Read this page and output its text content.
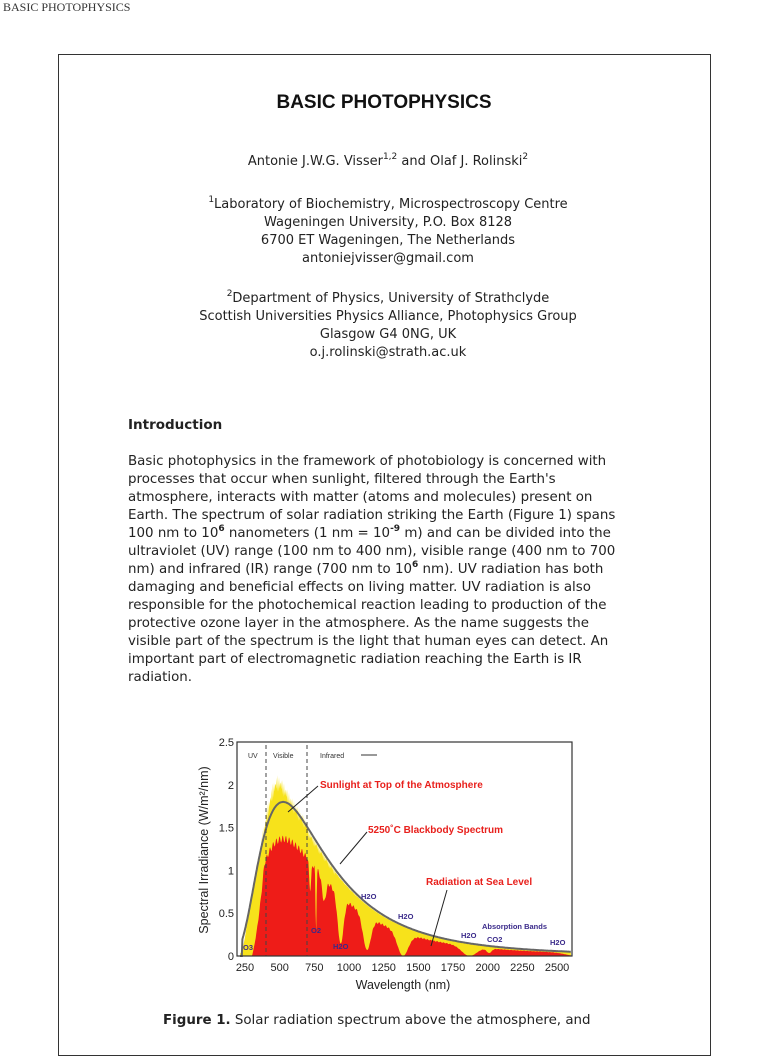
BASIC PHOTOPHYSICS
BASIC PHOTOPHYSICS
Antonie J.W.G. Visser$^{1,2}$ and Olaf J. Rolinski$^2$
$^1$Laboratory of Biochemistry, Microspectroscopy Centre
Wageningen University, P.O. Box 8128
6700 ET Wageningen, The Netherlands
antoniejvisser@gmail.com
$^2$Department of Physics, University of Strathclyde
Scottish Universities Physics Alliance, Photophysics Group
Glasgow G4 0NG, UK
o.j.rolinski@strath.ac.uk
Introduction
Basic photophysics in the framework of photobiology is concerned with
processes that occur when sunlight, filtered through the Earth's
atmosphere, interacts with matter (atoms and molecules) present on
Earth. The spectrum of solar radiation striking the Earth (Figure 1) spans
100 nm to $10^6$ nanometers (1 nm = $10^{-9}$ m) and can be divided into the
ultraviolet (UV) range (100 nm to 400 nm), visible range (400 nm to 700
nm) and infrared (IR) range (700 nm to $10^6$ nm). UV radiation has both
damaging and beneficial effects on living matter. UV radiation is also
responsible for the photochemical reaction leading to production of the
protective ozone layer in the atmosphere. As the name suggests the
visible part of the spectrum is the light that human eyes can detect. An
important part of electromagnetic radiation reaching the Earth is IR
radiation.
0
0.5
1
1.5
2
2.5
250 500 750 1000 1250 1500 1750 2000 2250 2500
Spectral Irradiance (W/m²/nm)
Wavelength (nm)
UV Visible	Infrared
Sunlight at Top of the Atmosphere
5250˚C Blackbody Spectrum
Radiation at Sea Level
Absorption Bands
O3
O2
H2O
H2O
H2O
H2O CO2	H2O
Figure 1. Solar radiation spectrum above the atmosphere, and
